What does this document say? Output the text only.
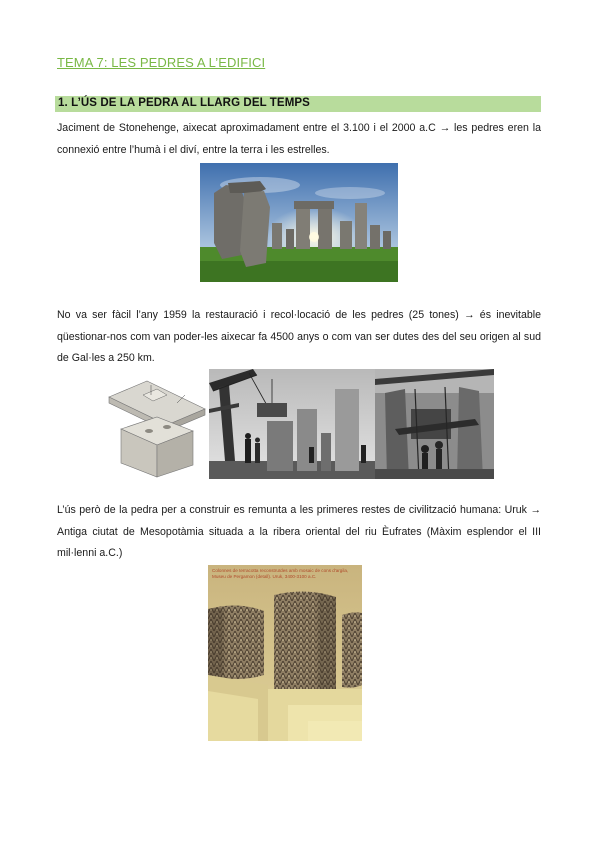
TEMA 7: LES PEDRES A L’EDIFICI
1. L’ÚS DE LA PEDRA AL LLARG DEL TEMPS
Jaciment de Stonehenge, aixecat aproximadament entre el 3.100 i el 2000 a.C → les pedres eren la connexió entre l’humà i el diví, entre la terra i les estrelles.
No va ser fàcil l’any 1959 la restauració i recol·locació de les pedres (25 tones) → és inevitable qüestionar-nos com van poder-les aixecar fa 4500 anys o com van ser dutes des del seu origen al sud de Gal·les a 250 km.
L’ús però de la pedra per a construir es remunta a les primeres restes de civilització humana: Uruk → Antiga ciutat de Mesopotàmia situada a la ribera oriental del riu Èufrates (Màxim esplendor el III mil·lenni a.C.)
Colonnes de terracotta reconstruïdes amb mosaic de cons d'argila, Museu de Pergamon (detall). Uruk, 3400-3100 a.C.
